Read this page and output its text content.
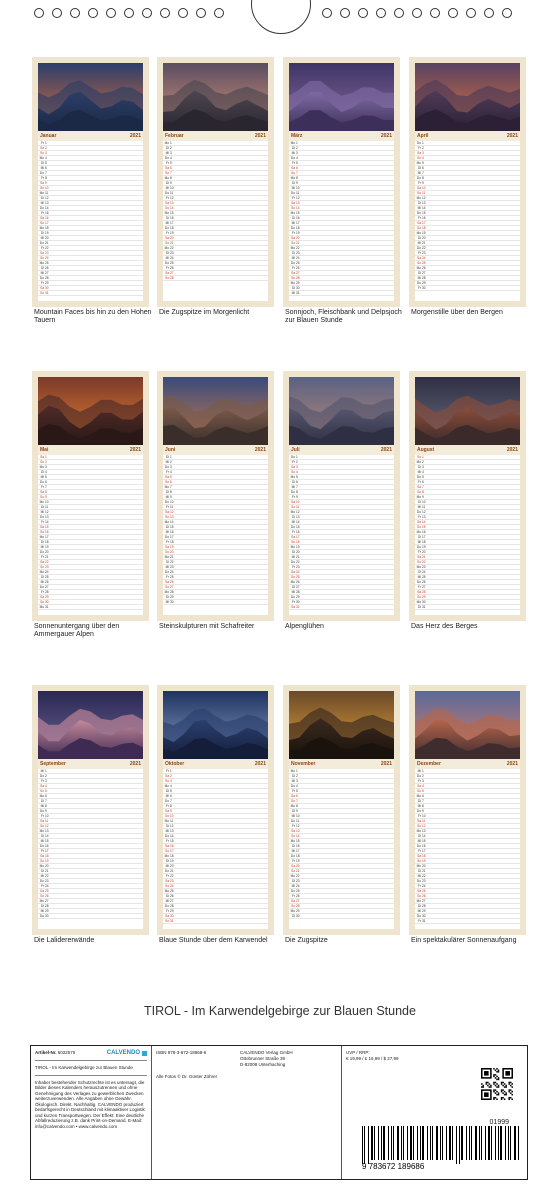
Januar	2021
Fr 1
Sa 2
So 3
Mo 4
Di 5
Mi 6
Do 7
Fr 8
Sa 9
So 10
Mo 11
Di 12
Mi 13
Do 14
Fr 15
Sa 16
So 17
Mo 18
Di 19
Mi 20
Do 21
Fr 22
Sa 23
So 24
Mo 25
Di 26
Mi 27
Do 28
Fr 29
Sa 30
So 31
Mountain Faces bis hin zu den Hohen Tauern
Februar	2021
Mo 1
Di 2
Mi 3
Do 4
Fr 5
Sa 6
So 7
Mo 8
Di 9
Mi 10
Do 11
Fr 12
Sa 13
So 14
Mo 15
Di 16
Mi 17
Do 18
Fr 19
Sa 20
So 21
Mo 22
Di 23
Mi 24
Do 25
Fr 26
Sa 27
So 28
Die Zugspitze im Morgenlicht
März	2021
Mo 1
Di 2
Mi 3
Do 4
Fr 5
Sa 6
So 7
Mo 8
Di 9
Mi 10
Do 11
Fr 12
Sa 13
So 14
Mo 15
Di 16
Mi 17
Do 18
Fr 19
Sa 20
So 21
Mo 22
Di 23
Mi 24
Do 25
Fr 26
Sa 27
So 28
Mo 29
Di 30
Mi 31
Sonnjoch, Fleischbank und Delpsjoch zur Blauen Stunde
April	2021
Do 1
Fr 2
Sa 3
So 4
Mo 5
Di 6
Mi 7
Do 8
Fr 9
Sa 10
So 11
Mo 12
Di 13
Mi 14
Do 15
Fr 16
Sa 17
So 18
Mo 19
Di 20
Mi 21
Do 22
Fr 23
Sa 24
So 25
Mo 26
Di 27
Mi 28
Do 29
Fr 30
Morgenstille über den Bergen
Mai	2021
Sa 1
So 2
Mo 3
Di 4
Mi 5
Do 6
Fr 7
Sa 8
So 9
Mo 10
Di 11
Mi 12
Do 13
Fr 14
Sa 15
So 16
Mo 17
Di 18
Mi 19
Do 20
Fr 21
Sa 22
So 23
Mo 24
Di 25
Mi 26
Do 27
Fr 28
Sa 29
So 30
Mo 31
Sonnenuntergang über den Ammergauer Alpen
Juni	2021
Di 1
Mi 2
Do 3
Fr 4
Sa 5
So 6
Mo 7
Di 8
Mi 9
Do 10
Fr 11
Sa 12
So 13
Mo 14
Di 15
Mi 16
Do 17
Fr 18
Sa 19
So 20
Mo 21
Di 22
Mi 23
Do 24
Fr 25
Sa 26
So 27
Mo 28
Di 29
Mi 30
Steinskulpturen mit Schafreiter
Juli	2021
Do 1
Fr 2
Sa 3
So 4
Mo 5
Di 6
Mi 7
Do 8
Fr 9
Sa 10
So 11
Mo 12
Di 13
Mi 14
Do 15
Fr 16
Sa 17
So 18
Mo 19
Di 20
Mi 21
Do 22
Fr 23
Sa 24
So 25
Mo 26
Di 27
Mi 28
Do 29
Fr 30
Sa 31
Alpenglühen
August	2021
So 1
Mo 2
Di 3
Mi 4
Do 5
Fr 6
Sa 7
So 8
Mo 9
Di 10
Mi 11
Do 12
Fr 13
Sa 14
So 15
Mo 16
Di 17
Mi 18
Do 19
Fr 20
Sa 21
So 22
Mo 23
Di 24
Mi 25
Do 26
Fr 27
Sa 28
So 29
Mo 30
Di 31
Das Herz des Berges
September	2021
Mi 1
Do 2
Fr 3
Sa 4
So 5
Mo 6
Di 7
Mi 8
Do 9
Fr 10
Sa 11
So 12
Mo 13
Di 14
Mi 15
Do 16
Fr 17
Sa 18
So 19
Mo 20
Di 21
Mi 22
Do 23
Fr 24
Sa 25
So 26
Mo 27
Di 28
Mi 29
Do 30
Die Lalidererwände
Oktober	2021
Fr 1
Sa 2
So 3
Mo 4
Di 5
Mi 6
Do 7
Fr 8
Sa 9
So 10
Mo 11
Di 12
Mi 13
Do 14
Fr 15
Sa 16
So 17
Mo 18
Di 19
Mi 20
Do 21
Fr 22
Sa 23
So 24
Mo 25
Di 26
Mi 27
Do 28
Fr 29
Sa 30
So 31
Blaue Stunde über dem Karwendel
November	2021
Mo 1
Di 2
Mi 3
Do 4
Fr 5
Sa 6
So 7
Mo 8
Di 9
Mi 10
Do 11
Fr 12
Sa 13
So 14
Mo 15
Di 16
Mi 17
Do 18
Fr 19
Sa 20
So 21
Mo 22
Di 23
Mi 24
Do 25
Fr 26
Sa 27
So 28
Mo 29
Di 30
Die Zugspitze
Dezember	2021
Mi 1
Do 2
Fr 3
Sa 4
So 5
Mo 6
Di 7
Mi 8
Do 9
Fr 10
Sa 11
So 12
Mo 13
Di 14
Mi 15
Do 16
Fr 17
Sa 18
So 19
Mo 20
Di 21
Mi 22
Do 23
Fr 24
Sa 25
So 26
Mo 27
Di 28
Mi 29
Do 30
Fr 31
Ein spektakulärer Sonnenaufgang
TIROL - Im Karwendelgebirge zur Blauen Stunde
Artikel-Nr. 6022575	CALVENDO
TIROL - Im Karwendelgebirge zur Blauen Stunde
Inhaber bestehender Schutzrechte ist es untersagt, die Bilder dieses Kalenders herauszutrennen und ohne Genehmigung des Verlages zu gewerblichen Zwecken weiterzuverwenden. Alle Angaben ohne Gewähr. Ökologisch. Direkt. Nachhaltig. CALVENDO produziert bedarfsgerecht in Deutschland mit klimaaktiver Logistik und kurzen Transportwegen. Der Effekt: Eine deutliche Abfallreduzierung z.B. dank Print-on-Demand. E-Mail: info@calvendo.com • www.calvendo.com
ISBN 978-3-672-18968-6	CALVENDO Verlag GmbH
Ottobrunner Straße 39
D-82008 Unterhaching
Alle Fotos © Dr. Günter Zöhrer
UVP / RRP:
€ 19,99 / £ 16,99 / $ 27,99
01999
9 783672 189686
